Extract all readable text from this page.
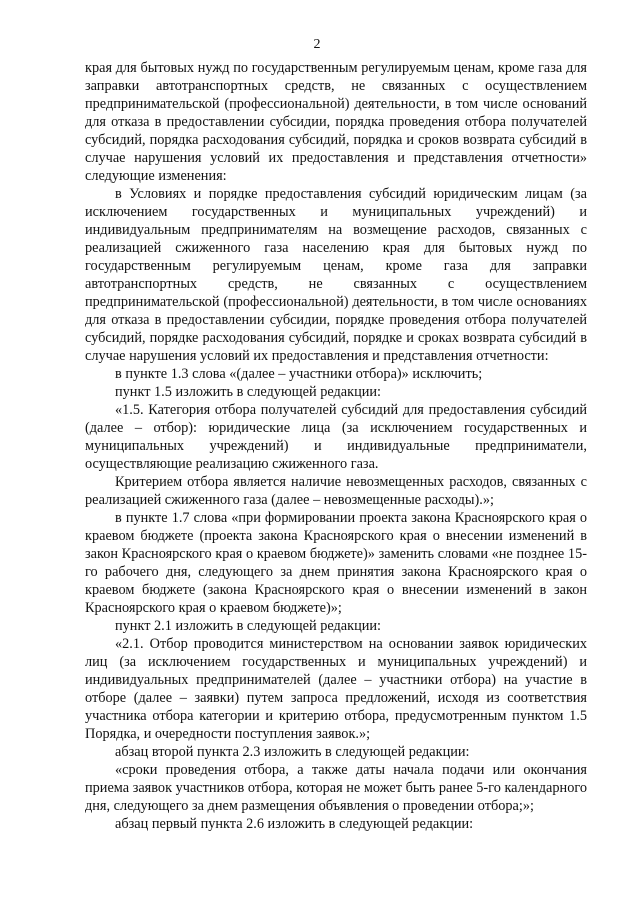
2

края для бытовых нужд по государственным регулируемым ценам, кроме газа для заправки автотранспортных средств, не связанных с осуществлением предпринимательской (профессиональной) деятельности, в том числе оснований для отказа в предоставлении субсидии, порядка проведения отбора получателей субсидий, порядка расходования субсидий, порядка и сроков возврата субсидий в случае нарушения условий их предоставления и представления отчетности» следующие изменения:

в Условиях и порядке предоставления субсидий юридическим лицам (за исключением государственных и муниципальных учреждений) и индивидуальным предпринимателям на возмещение расходов, связанных с реализацией сжиженного газа населению края для бытовых нужд по государственным регулируемым ценам, кроме газа для заправки автотранспортных средств, не связанных с осуществлением предпринимательской (профессиональной) деятельности, в том числе основаниях для отказа в предоставлении субсидии, порядке проведения отбора получателей субсидий, порядке расходования субсидий, порядке и сроках возврата субсидий в случае нарушения условий их предоставления и представления отчетности:

в пункте 1.3 слова «(далее – участники отбора)» исключить;

пункт 1.5 изложить в следующей редакции:

«1.5. Категория отбора получателей субсидий для предоставления субсидий (далее – отбор): юридические лица (за исключением государственных и муниципальных учреждений) и индивидуальные предприниматели, осуществляющие реализацию сжиженного газа.

Критерием отбора является наличие невозмещенных расходов, связанных с реализацией сжиженного газа (далее – невозмещенные расходы).»;

в пункте 1.7 слова «при формировании проекта закона Красноярского края о краевом бюджете (проекта закона Красноярского края о внесении изменений в закон Красноярского края о краевом бюджете)» заменить словами «не позднее 15-го рабочего дня, следующего за днем принятия закона Красноярского края о краевом бюджете (закона Красноярского края о внесении изменений в закон Красноярского края о краевом бюджете)»;

пункт 2.1 изложить в следующей редакции:

«2.1. Отбор проводится министерством на основании заявок юридических лиц (за исключением государственных и муниципальных учреждений) и индивидуальных предпринимателей (далее – участники отбора) на участие в отборе (далее – заявки) путем запроса предложений, исходя из соответствия участника отбора категории и критерию отбора, предусмотренным пунктом 1.5 Порядка, и очередности поступления заявок.»;

абзац второй пункта 2.3 изложить в следующей редакции:

«сроки проведения отбора, а также даты начала подачи или окончания приема заявок участников отбора, которая не может быть ранее 5-го календарного дня, следующего за днем размещения объявления о проведении отбора;»;

абзац первый пункта 2.6 изложить в следующей редакции:
